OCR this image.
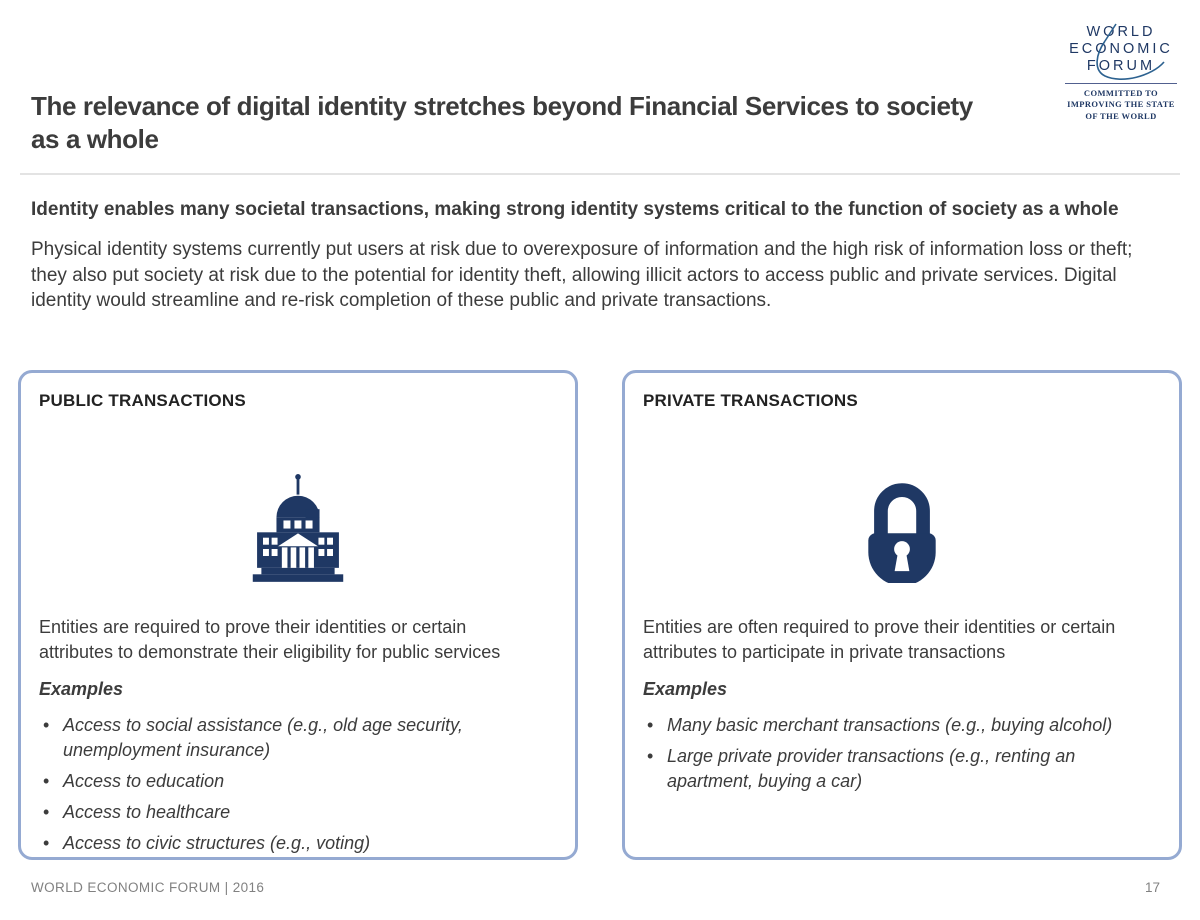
WORLD
ECONOMIC
FORUM
COMMITTED TO IMPROVING THE STATE OF THE WORLD
The relevance of digital identity stretches beyond Financial Services to society as a whole
Identity enables many societal transactions, making strong identity systems critical to the function of society as a whole

Physical identity systems currently put users at risk due to overexposure of information and the high risk of information loss or theft; they also put society at risk due to the potential for identity theft, allowing illicit actors to access public and private services. Digital identity would streamline and re-risk completion of these public and private transactions.

PUBLIC TRANSACTIONS
Entities are required to prove their identities or certain attributes to demonstrate their eligibility for public services
Examples
• Access to social assistance (e.g., old age security, unemployment insurance)
• Access to education
• Access to healthcare
• Access to civic structures (e.g., voting)
PRIVATE TRANSACTIONS
Entities are often required to prove their identities or certain attributes to participate in private transactions
Examples
• Many basic merchant transactions (e.g., buying alcohol)
• Large private provider transactions (e.g., renting an apartment, buying a car)
WORLD ECONOMIC FORUM | 2016	17
